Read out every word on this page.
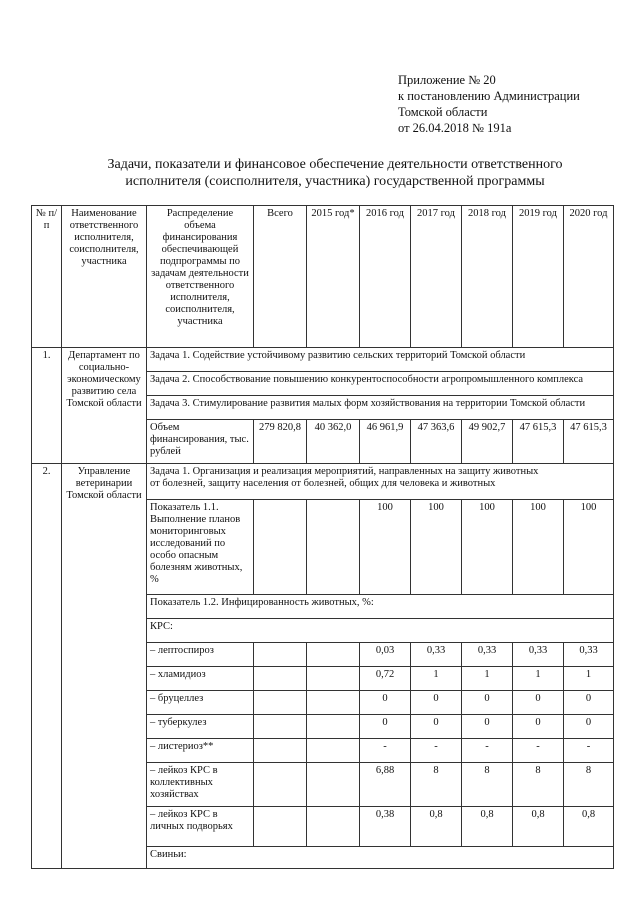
Приложение № 20
к постановлению Администрации
Томской области
от 26.04.2018 № 191а
Задачи, показатели и финансовое обеспечение деятельности ответственного
исполнителя (соисполнителя, участника) государственной программы
№ п/п	Наименование ответственного исполнителя, соисполнителя, участника	Распределение объема финансирования обеспечивающей подпрограммы по задачам деятельности ответственного исполнителя, соисполнителя, участника	Всего	2015 год*	2016 год	2017 год	2018 год	2019 год	2020 год
1.	Департамент по социально-экономическому развитию села Томской области	Задача 1. Содействие устойчивому развитию сельских территорий Томской области							
		Задача 2. Способствование повышению конкурентоспособности агропромышленного комплекса							
		Задача 3. Стимулирование развития малых форм хозяйствования на территории Томской области							
		Объем финансирования, тыс. рублей	279 820,8	40 362,0	46 961,9	47 363,6	49 902,7	47 615,3	47 615,3
2.	Управление ветеринарии Томской области	Задача 1. Организация и реализация мероприятий, направленных на защиту животных
от болезней, защиту населения от болезней, общих для человека и животных							

		Показатель 1.1. Выполнение планов мониторинговых исследований по особо опасным болезням животных, %			100	100	100	100	100
		Показатель 1.2. Инфицированность животных, %:							
		КРС:							
		– лептоспироз			0,03	0,33	0,33	0,33	0,33
		– хламидиоз			0,72	1	1	1	1
		– бруцеллез			0	0	0	0	0
		– туберкулез			0	0	0	0	0
		– листериоз**			-	-	-	-	-
		– лейкоз КРС в коллективных хозяйствах			6,88	8	8	8	8
		– лейкоз КРС в личных подворьях			0,38	0,8	0,8	0,8	0,8
		Свиньи:							
